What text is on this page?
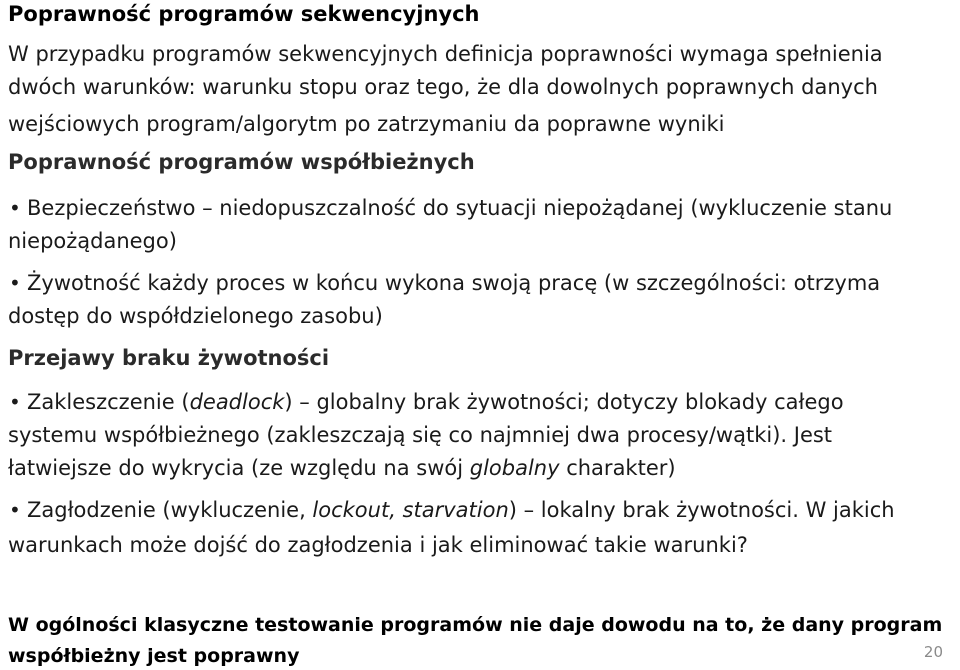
Poprawność programów sekwencyjnych
W przypadku programów sekwencyjnych definicja poprawności wymaga spełnienia
dwóch warunków: warunku stopu oraz tego, że dla dowolnych poprawnych danych
wejściowych program/algorytm po zatrzymaniu da poprawne wyniki
Poprawność programów współbieżnych
• Bezpieczeństwo – niedopuszczalność do sytuacji niepożądanej (wykluczenie stanu
niepożądanego)
• Żywotność każdy proces w końcu wykona swoją pracę (w szczególności: otrzyma
dostęp do współdzielonego zasobu)
Przejawy braku żywotności
• Zakleszczenie (deadlock) – globalny brak żywotności; dotyczy blokady całego
systemu współbieżnego (zakleszczają się co najmniej dwa procesy/wątki). Jest
łatwiejsze do wykrycia (ze względu na swój globalny charakter)
• Zagłodzenie (wykluczenie, lockout, starvation) – lokalny brak żywotności. W jakich
warunkach może dojść do zagłodzenia i jak eliminować takie warunki?
W ogólności klasyczne testowanie programów nie daje dowodu na to, że dany program
współbieżny jest poprawny	20
